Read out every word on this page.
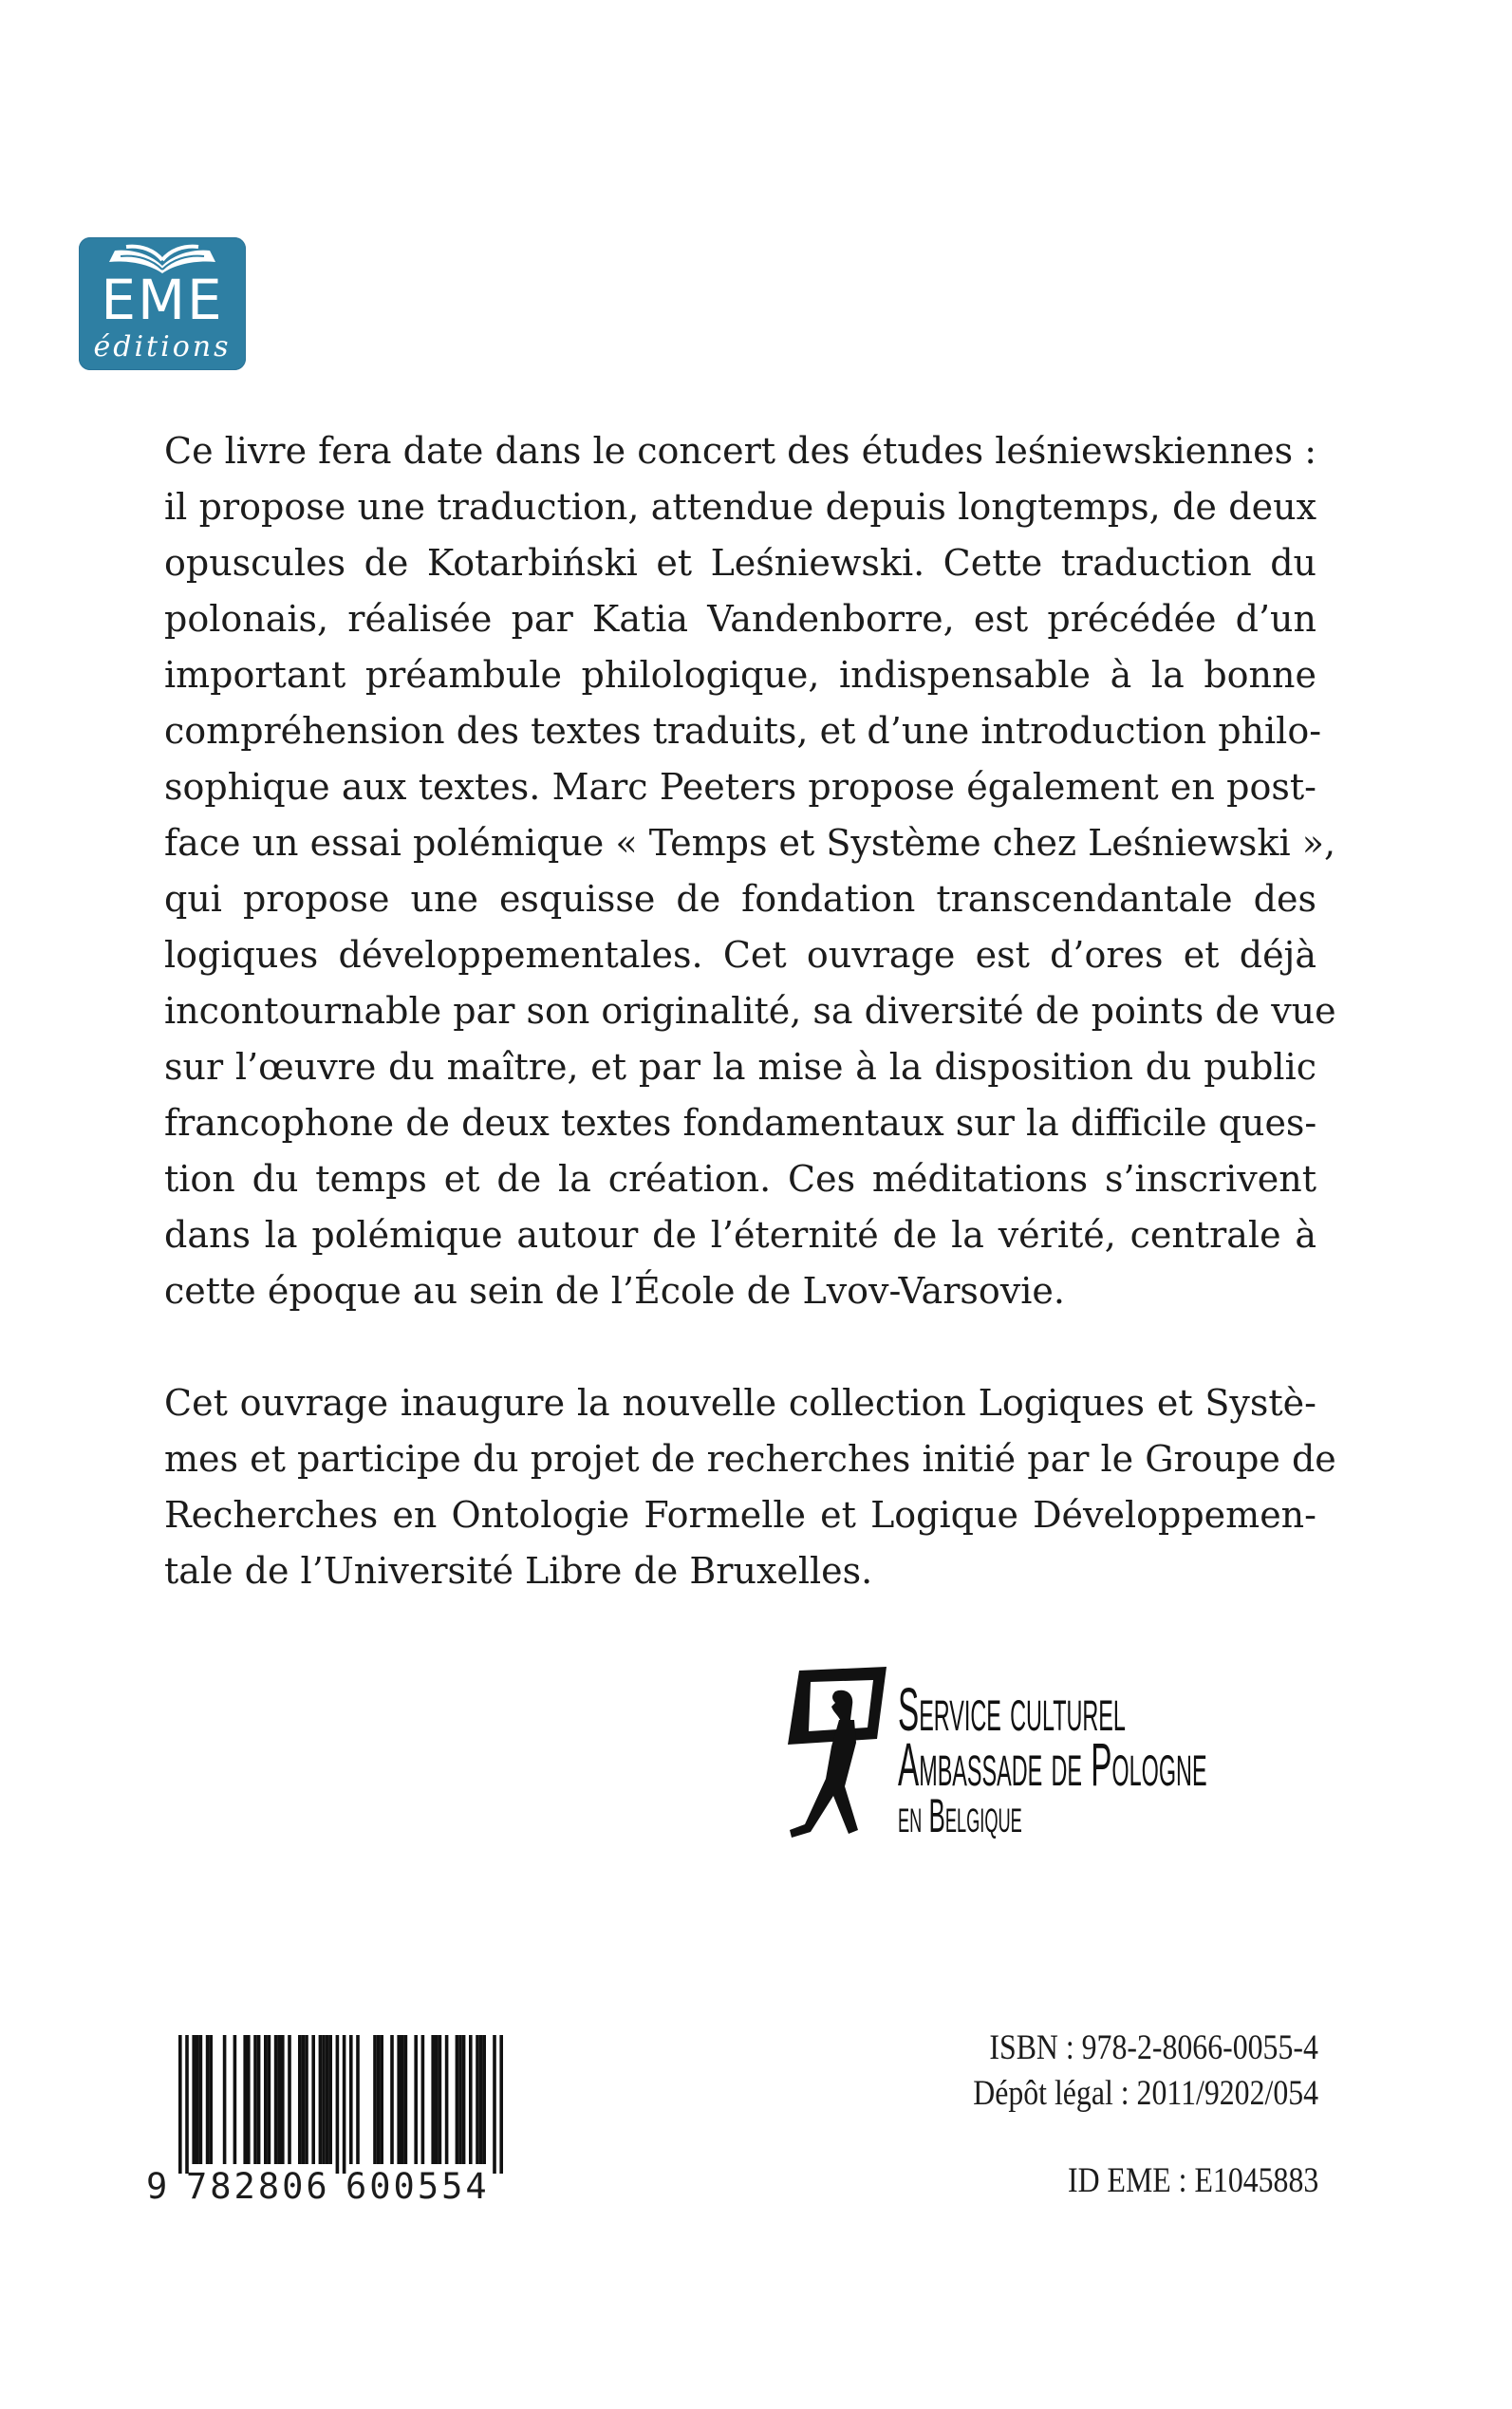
EME
éditions
Ce livre fera date dans le concert des études leśniewskiennes :
il propose une traduction, attendue depuis longtemps, de deux
opuscules de Kotarbiński et Leśniewski. Cette traduction du
polonais, réalisée par Katia Vandenborre, est précédée d’un
important préambule philologique, indispensable à la bonne
compréhension des textes traduits, et d’une introduction philo-
sophique aux textes. Marc Peeters propose également en post-
face un essai polémique « Temps et Système chez Leśniewski »,
qui propose une esquisse de fondation transcendantale des
logiques développementales. Cet ouvrage est d’ores et déjà
incontournable par son originalité, sa diversité de points de vue
sur l’œuvre du maître, et par la mise à la disposition du public
francophone de deux textes fondamentaux sur la difficile ques-
tion du temps et de la création. Ces méditations s’inscrivent
dans la polémique autour de l’éternité de la vérité, centrale à
cette époque au sein de l’École de Lvov-Varsovie.
Cet ouvrage inaugure la nouvelle collection Logiques et Systè-
mes et participe du projet de recherches initié par le Groupe de
Recherches en Ontologie Formelle et Logique Développemen-
tale de l’Université Libre de Bruxelles.
Service culturel
Ambassade de Pologne
en Belgique
9 782806 600554
ISBN : 978-2-8066-0055-4
Dépôt légal : 2011/9202/054
ID EME : E1045883
